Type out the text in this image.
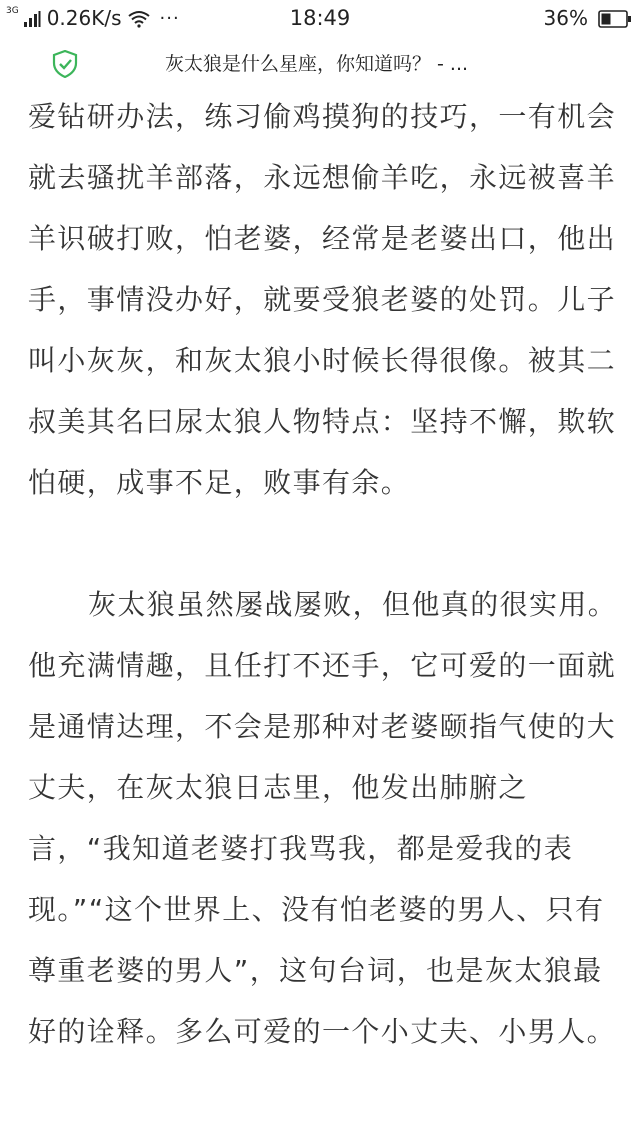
3G 0.26K/s ···	18:49	36%
灰太狼是什么星座，你知道吗？ - ...

爱钻研办法，练习偷鸡摸狗的技巧，一有机会就去骚扰羊部落，永远想偷羊吃，永远被喜羊羊识破打败，怕老婆，经常是老婆出口，他出手，事情没办好，就要受狼老婆的处罚。儿子叫小灰灰，和灰太狼小时候长得很像。被其二叔美其名曰尿太狼人物特点：坚持不懈，欺软怕硬，成事不足，败事有余。

灰太狼虽然屡战屡败，但他真的很实用。他充满情趣，且任打不还手，它可爱的一面就是通情达理，不会是那种对老婆颐指气使的大丈夫，在灰太狼日志里，他发出肺腑之言，“我知道老婆打我骂我，都是爱我的表现。”“这个世界上、没有怕老婆的男人、只有尊重老婆的男人”，这句台词，也是灰太狼最好的诠释。多么可爱的一个小丈夫、小男人。
